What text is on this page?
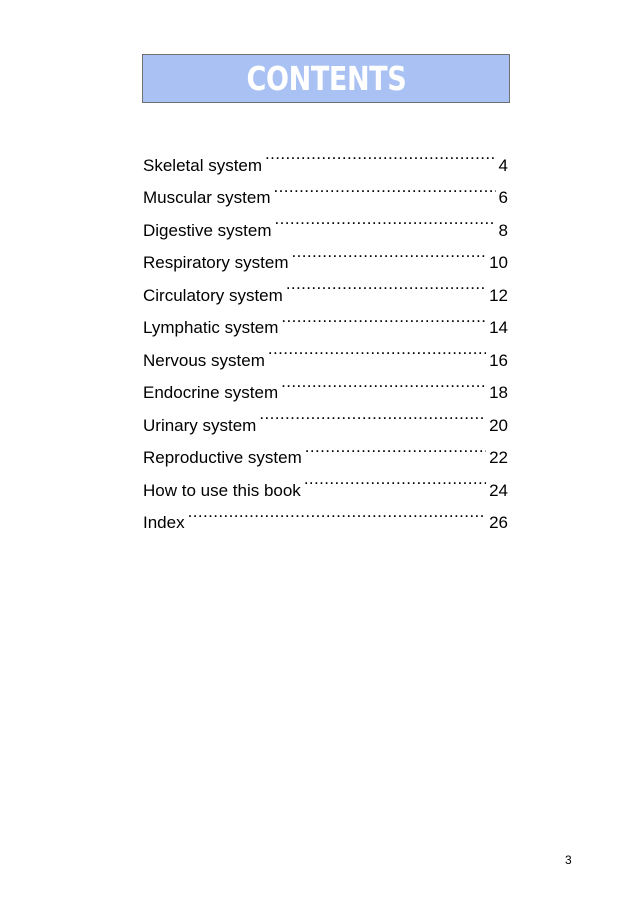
CONTENTS
Skeletal system .....	4
Muscular system .....	6
Digestive system .....	8
Respiratory system .....	10
Circulatory system .....	12
Lymphatic system .....	14
Nervous system .....	16
Endocrine system .....	18
Urinary system .....	20
Reproductive system .....	22
How to use this book .....	24
Index .....	26
3
